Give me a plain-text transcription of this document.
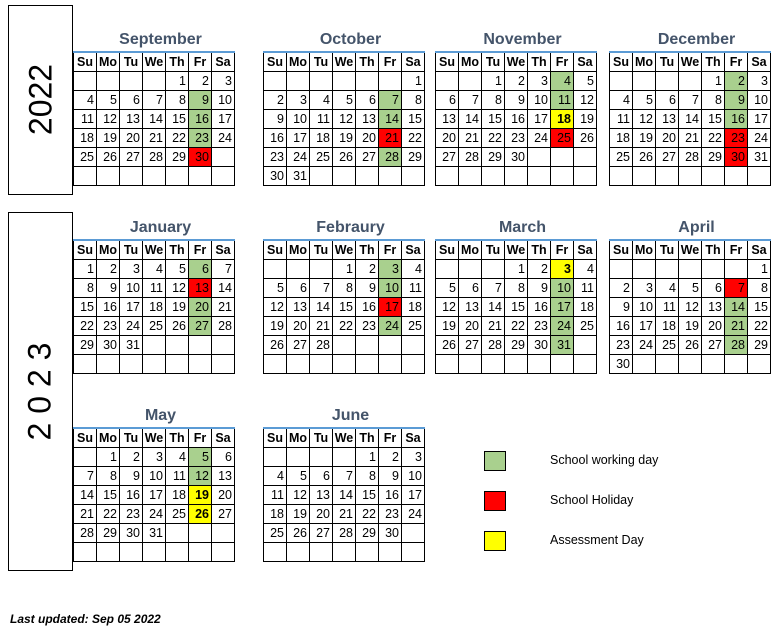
2022
2 0 2 3
September
Su	Mo	Tu	We	Th	Fr	Sa
				1	2	3
4	5	6	7	8	9	10
11	12	13	14	15	16	17
18	19	20	21	22	23	24
25	26	27	28	29	30	

October
Su	Mo	Tu	We	Th	Fr	Sa
						1
2	3	4	5	6	7	8
9	10	11	12	13	14	15
16	17	18	19	20	21	22
23	24	25	26	27	28	29
30	31					
November
Su	Mo	Tu	We	Th	Fr	Sa
		1	2	3	4	5
6	7	8	9	10	11	12
13	14	15	16	17	18	19
20	21	22	23	24	25	26
27	28	29	30			

December
Su	Mo	Tu	We	Th	Fr	Sa
				1	2	3
4	5	6	7	8	9	10
11	12	13	14	15	16	17
18	19	20	21	22	23	24
25	26	27	28	29	30	31

January
Su	Mo	Tu	We	Th	Fr	Sa
1	2	3	4	5	6	7
8	9	10	11	12	13	14
15	16	17	18	19	20	21
22	23	24	25	26	27	28
29	30	31				

Febraury
Su	Mo	Tu	We	Th	Fr	Sa
			1	2	3	4
5	6	7	8	9	10	11
12	13	14	15	16	17	18
19	20	21	22	23	24	25
26	27	28				

March
Su	Mo	Tu	We	Th	Fr	Sa
			1	2	3	4
5	6	7	8	9	10	11
12	13	14	15	16	17	18
19	20	21	22	23	24	25
26	27	28	29	30	31	

April
Su	Mo	Tu	We	Th	Fr	Sa
						1
2	3	4	5	6	7	8
9	10	11	12	13	14	15
16	17	18	19	20	21	22
23	24	25	26	27	28	29
30						
May
Su	Mo	Tu	We	Th	Fr	Sa
	1	2	3	4	5	6
7	8	9	10	11	12	13
14	15	16	17	18	19	20
21	22	23	24	25	26	27
28	29	30	31			

June
Su	Mo	Tu	We	Th	Fr	Sa
				1	2	3
4	5	6	7	8	9	10
11	12	13	14	15	16	17
18	19	20	21	22	23	24
25	26	27	28	29	30	

School working day
School Holiday
Assessment Day
Last updated: Sep 05 2022
